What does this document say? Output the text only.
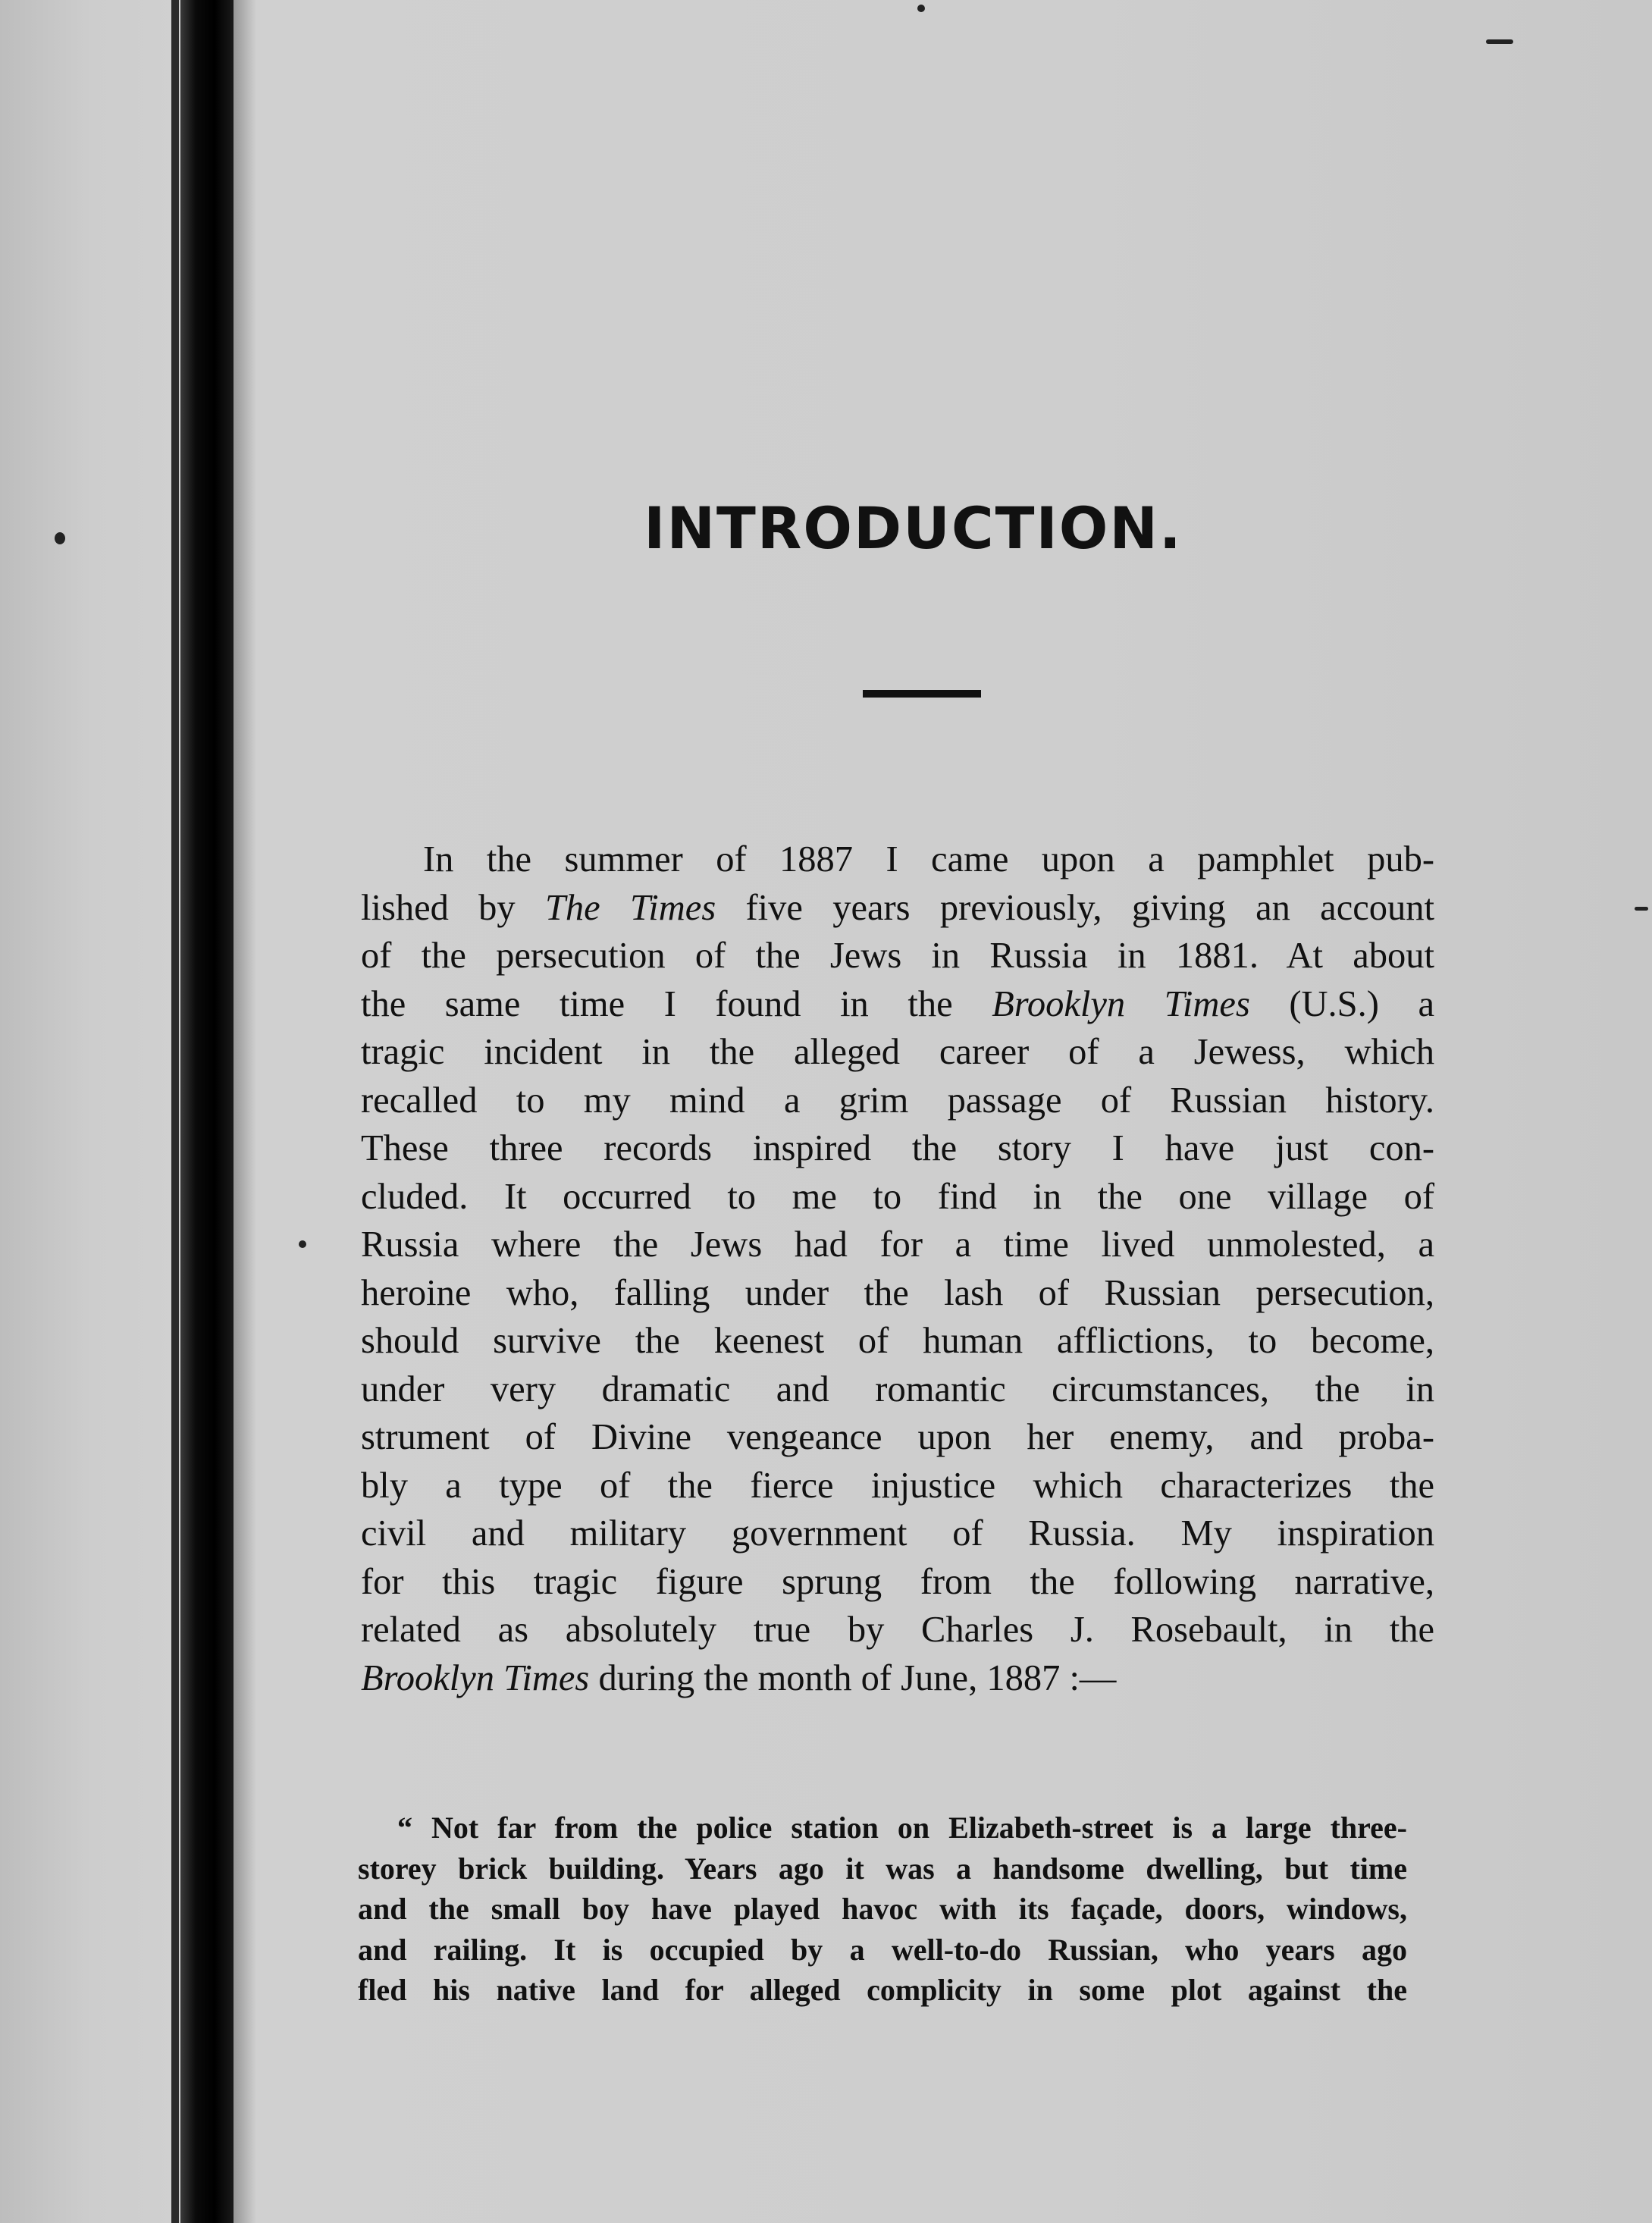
INTRODUCTION.
In the summer of 1887 I came upon a pamphlet pub-
lished by The Times five years previously, giving an account
of the persecution of the Jews in Russia in 1881. At about
the same time I found in the Brooklyn Times (U.S.) a
tragic incident in the alleged career of a Jewess, which
recalled to my mind a grim passage of Russian history.
These three records inspired the story I have just con-
cluded. It occurred to me to find in the one village of
Russia where the Jews had for a time lived unmolested, a
heroine who, falling under the lash of Russian persecution,
should survive the keenest of human afflictions, to become,
under very dramatic and romantic circumstances, the in
strument of Divine vengeance upon her enemy, and proba-
bly a type of the fierce injustice which characterizes the
civil and military government of Russia. My inspiration
for this tragic figure sprung from the following narrative,
related as absolutely true by Charles J. Rosebault, in the
Brooklyn Times during the month of June, 1887 :—
“ Not far from the police station on Elizabeth-street is a large three-
storey brick building. Years ago it was a handsome dwelling, but time
and the small boy have played havoc with its façade, doors, windows,
and railing. It is occupied by a well-to-do Russian, who years ago
fled his native land for alleged complicity in some plot against the
